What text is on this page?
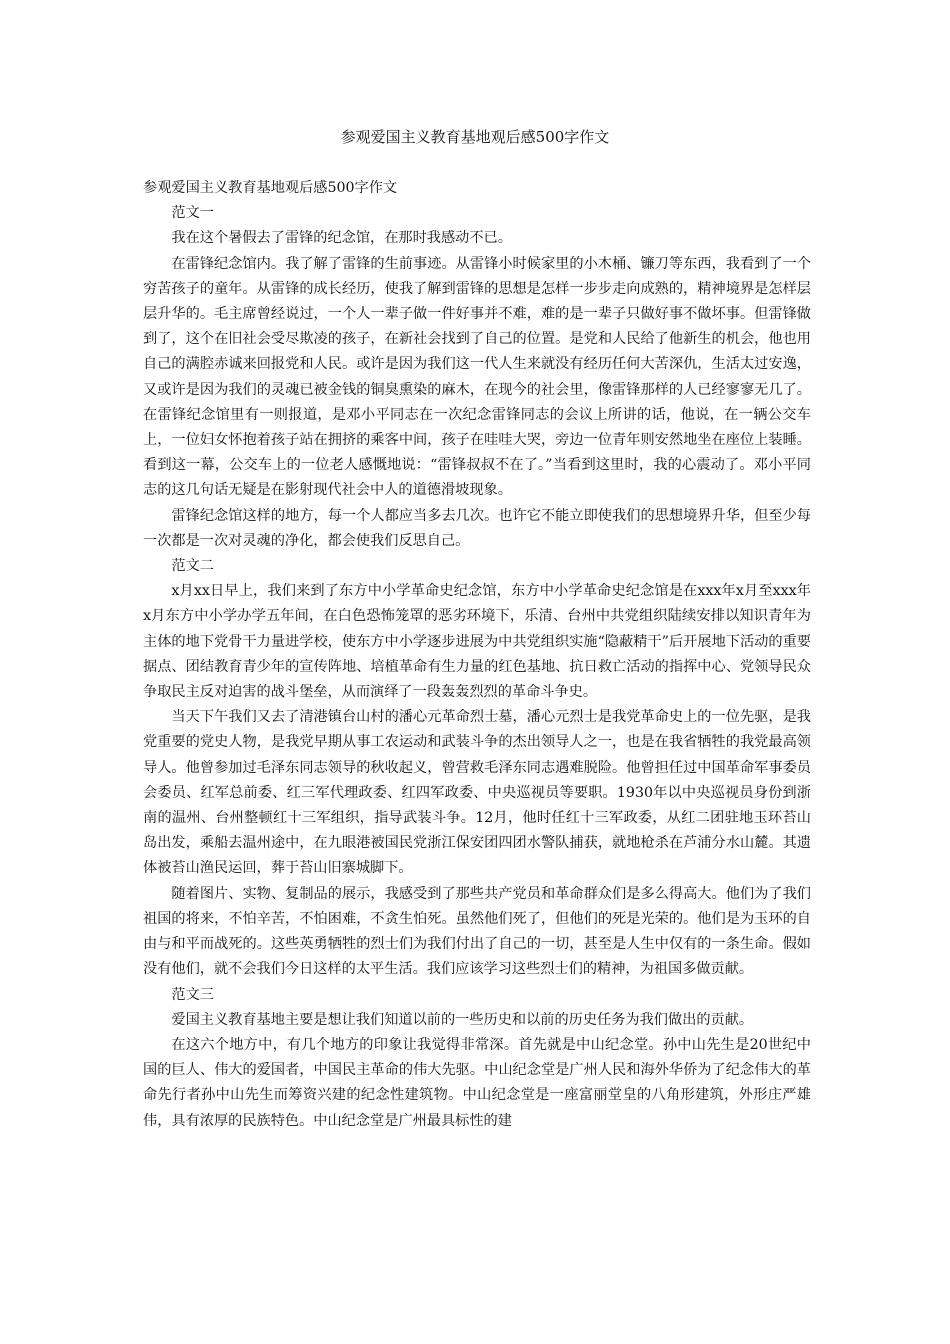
参观爱国主义教育基地观后感500字作文

参观爱国主义教育基地观后感500字作文

范文一

我在这个暑假去了雷锋的纪念馆，在那时我感动不已。

在雷锋纪念馆内。我了解了雷锋的生前事迹。从雷锋小时候家里的小木桶、镰刀等东西，我看到了一个穷苦孩子的童年。从雷锋的成长经历，使我了解到雷锋的思想是怎样一步步走向成熟的，精神境界是怎样层层升华的。毛主席曾经说过，一个人一辈子做一件好事并不难，难的是一辈子只做好事不做坏事。但雷锋做到了，这个在旧社会受尽欺凌的孩子，在新社会找到了自己的位置。是党和人民给了他新生的机会，他也用自己的满腔赤诚来回报党和人民。或许是因为我们这一代人生来就没有经历任何大苦深仇，生活太过安逸，又或许是因为我们的灵魂已被金钱的铜臭熏染的麻木，在现今的社会里，像雷锋那样的人已经寥寥无几了。在雷锋纪念馆里有一则报道，是邓小平同志在一次纪念雷锋同志的会议上所讲的话，他说，在一辆公交车上，一位妇女怀抱着孩子站在拥挤的乘客中间，孩子在哇哇大哭，旁边一位青年则安然地坐在座位上装睡。看到这一幕，公交车上的一位老人感慨地说：“雷锋叔叔不在了。”当看到这里时，我的心震动了。邓小平同志的这几句话无疑是在影射现代社会中人的道德滑坡现象。

雷锋纪念馆这样的地方，每一个人都应当多去几次。也许它不能立即使我们的思想境界升华，但至少每一次都是一次对灵魂的净化，都会使我们反思自己。

范文二

x月xx日早上，我们来到了东方中小学革命史纪念馆，东方中小学革命史纪念馆是在xxx年x月至xxx年x月东方中小学办学五年间，在白色恐怖笼罩的恶劣环境下，乐清、台州中共党组织陆续安排以知识青年为主体的地下党骨干力量进学校，使东方中小学逐步进展为中共党组织实施“隐蔽精干”后开展地下活动的重要据点、团结教育青少年的宣传阵地、培植革命有生力量的红色基地、抗日救亡活动的指挥中心、党领导民众争取民主反对迫害的战斗堡垒，从而演绎了一段轰轰烈烈的革命斗争史。

当天下午我们又去了清港镇台山村的潘心元革命烈士墓，潘心元烈士是我党革命史上的一位先驱，是我党重要的党史人物，是我党早期从事工农运动和武装斗争的杰出领导人之一，也是在我省牺牲的我党最高领导人。他曾参加过毛泽东同志领导的秋收起义，曾营救毛泽东同志遇难脱险。他曾担任过中国革命军事委员会委员、红军总前委、红三军代理政委、红四军政委、中央巡视员等要职。1930年以中央巡视员身份到浙南的温州、台州整顿红十三军组织，指导武装斗争。12月，他时任红十三军政委，从红二团驻地玉环苔山岛出发，乘船去温州途中，在九眼港被国民党浙江保安团四团水警队捕获，就地枪杀在芦浦分水山麓。其遗体被苔山渔民运回，葬于苔山旧寨城脚下。

随着图片、实物、复制品的展示，我感受到了那些共产党员和革命群众们是多么得高大。他们为了我们祖国的将来，不怕辛苦，不怕困难，不贪生怕死。虽然他们死了，但他们的死是光荣的。他们是为玉环的自由与和平而战死的。这些英勇牺牲的烈士们为我们付出了自己的一切，甚至是人生中仅有的一条生命。假如没有他们，就不会我们今日这样的太平生活。我们应该学习这些烈士们的精神，为祖国多做贡献。

范文三

爱国主义教育基地主要是想让我们知道以前的一些历史和以前的历史任务为我们做出的贡献。

在这六个地方中，有几个地方的印象让我觉得非常深。首先就是中山纪念堂。孙中山先生是20世纪中国的巨人、伟大的爱国者，中国民主革命的伟大先驱。中山纪念堂是广州人民和海外华侨为了纪念伟大的革命先行者孙中山先生而筹资兴建的纪念性建筑物。中山纪念堂是一座富丽堂皇的八角形建筑，外形庄严雄伟，具有浓厚的民族特色。中山纪念堂是广州最具标性的建
